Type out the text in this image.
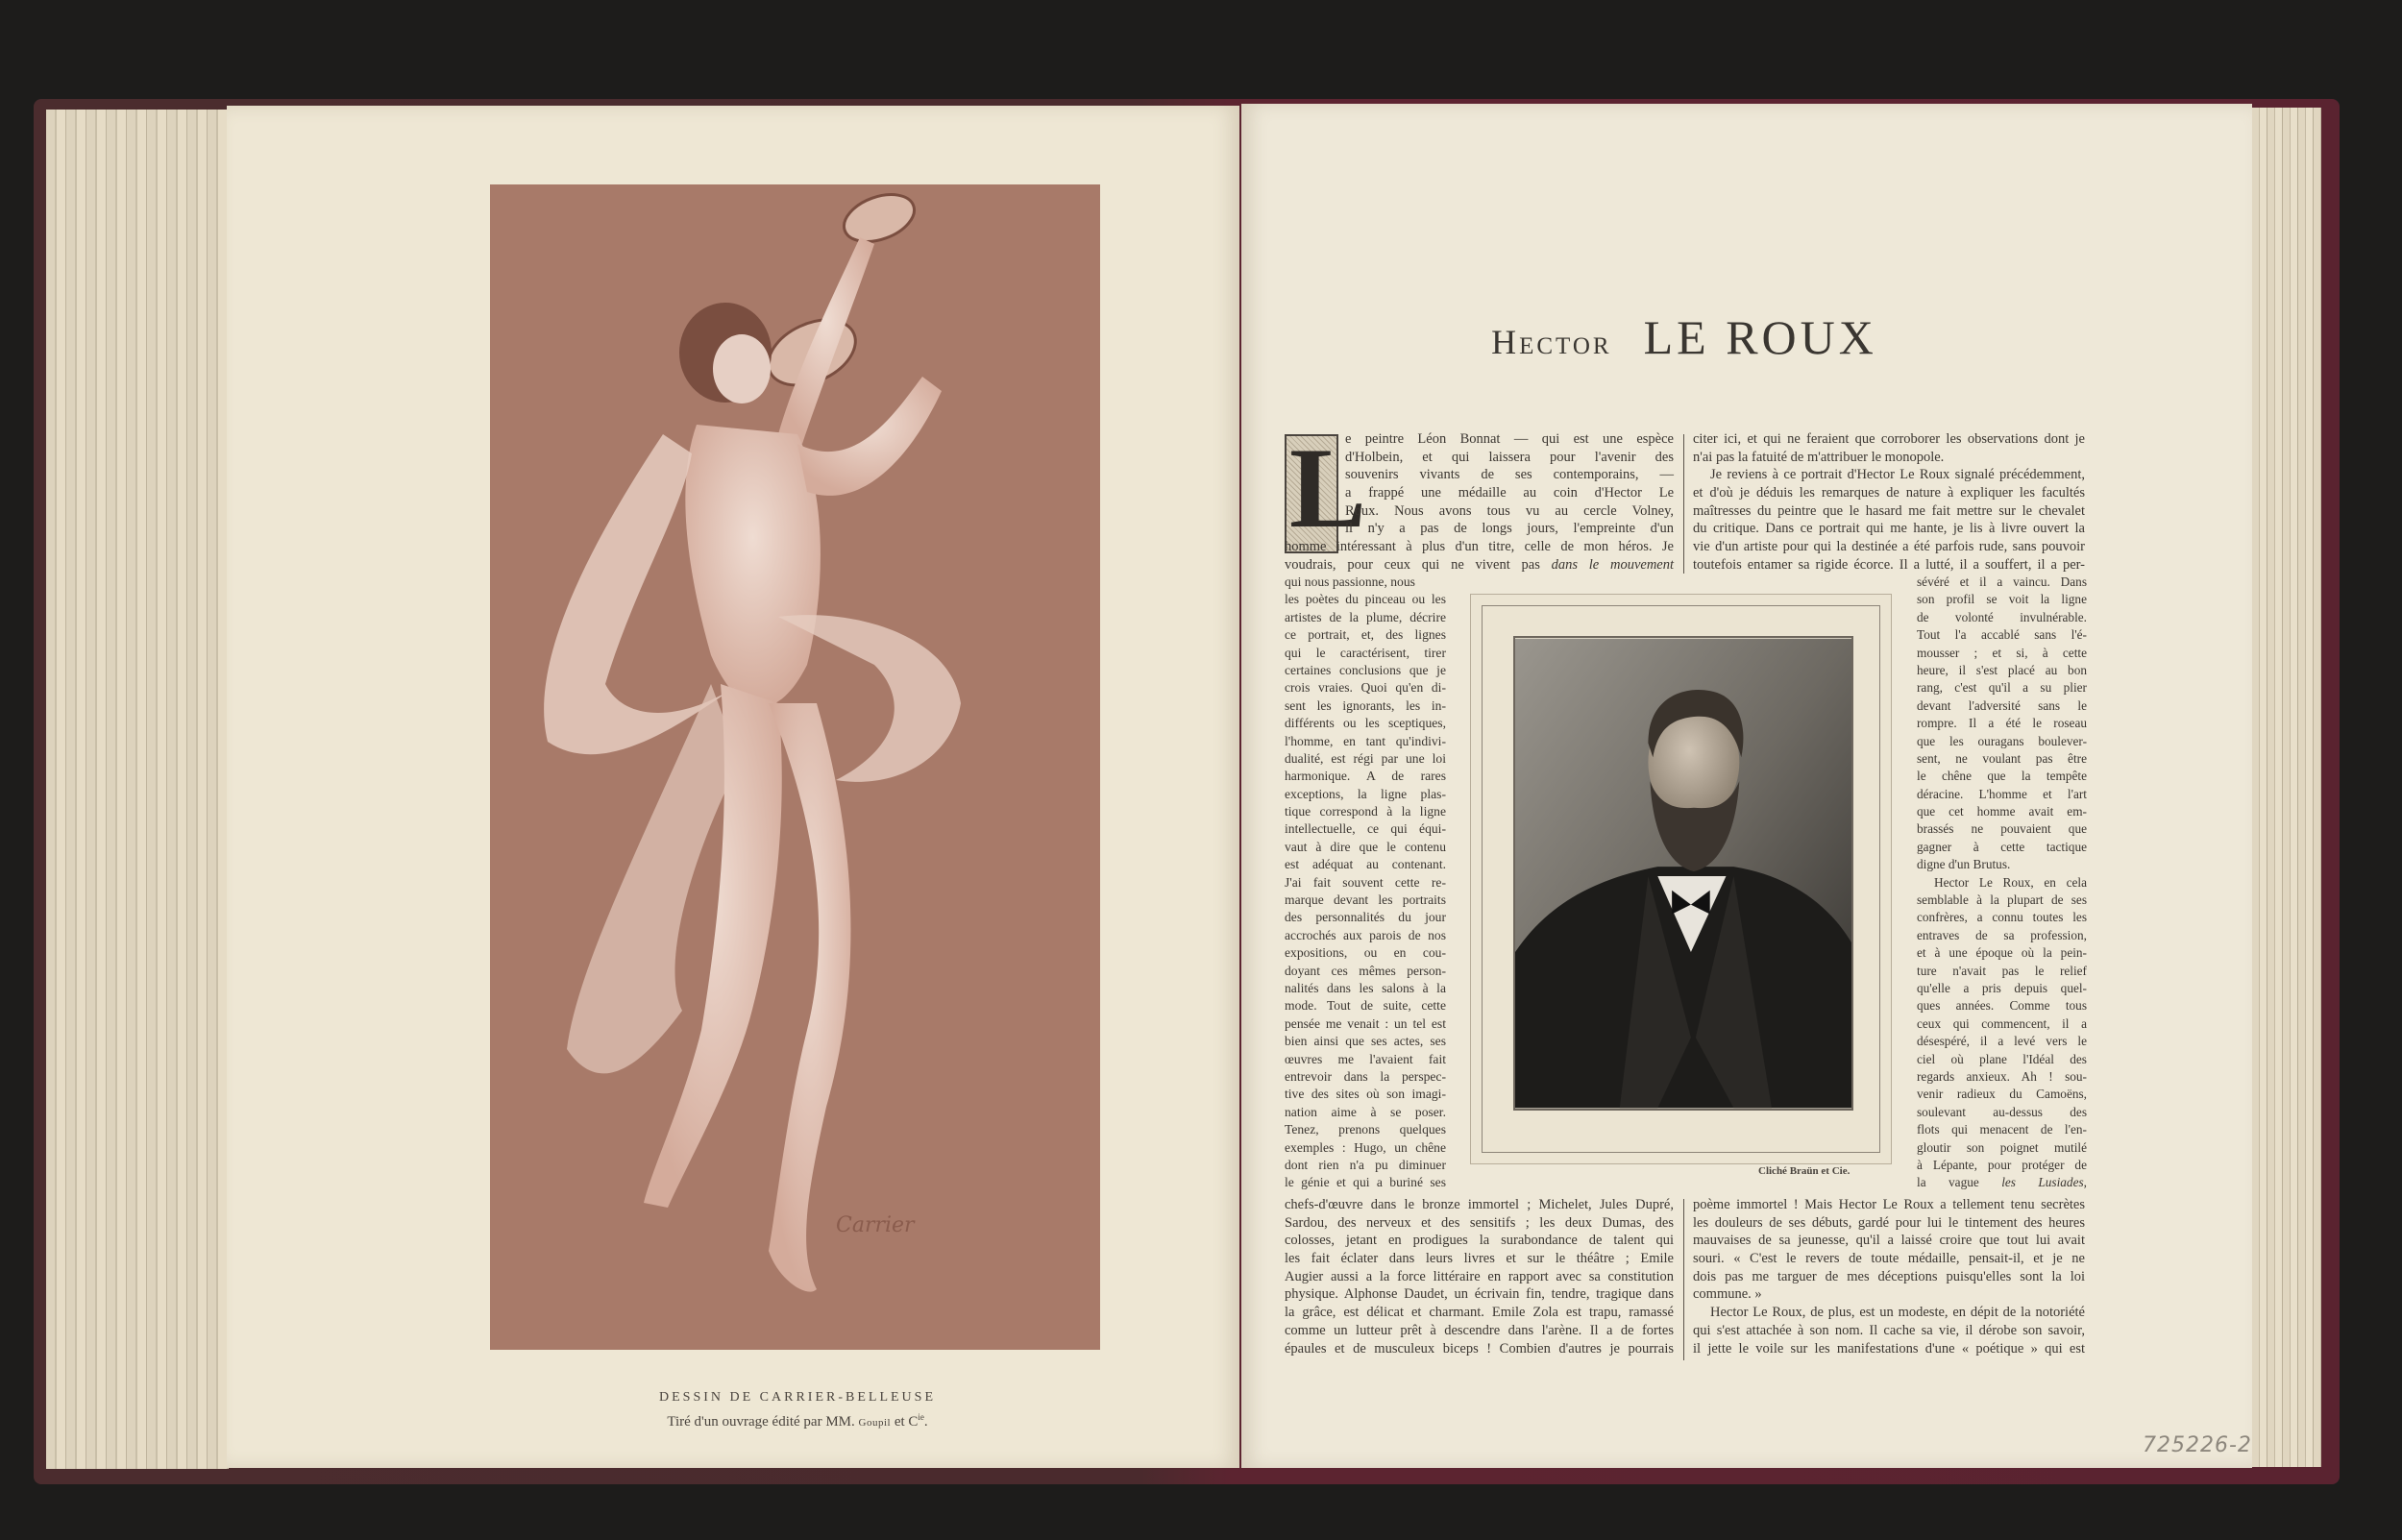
Carrier
DESSIN DE CARRIER-BELLEUSE
Tiré d'un ouvrage édité par MM. Goupil et $C^{ie}$.
Hector LE ROUX
L
e peintre Léon Bonnat — qui est une espèce
d'Holbein, et qui laissera pour l'avenir des
souvenirs vivants de ses contemporains, —
a frappé une médaille au coin d'Hector Le
Roux. Nous avons tous vu au cercle Volney,
il n'y a pas de longs jours, l'empreinte d'un
homme intéressant à plus d'un titre, celle de mon héros. Je
voudrais, pour ceux qui ne vivent pas dans le mouvement
qui nous passionne, nous
les poètes du pinceau ou les
artistes de la plume, décrire
ce portrait, et, des lignes
qui le caractérisent, tirer
certaines conclusions que je
crois vraies. Quoi qu'en di-
sent les ignorants, les in-
différents ou les sceptiques,
l'homme, en tant qu'indivi-
dualité, est régi par une loi
harmonique. A de rares
exceptions, la ligne plas-
tique correspond à la ligne
intellectuelle, ce qui équi-
vaut à dire que le contenu
est adéquat au contenant.
J'ai fait souvent cette re-
marque devant les portraits
des personnalités du jour
accrochés aux parois de nos
expositions, ou en cou-
doyant ces mêmes person-
nalités dans les salons à la
mode. Tout de suite, cette
pensée me venait : un tel est
bien ainsi que ses actes, ses
œuvres me l'avaient fait
entrevoir dans la perspec-
tive des sites où son imagi-
nation aime à se poser.
Tenez, prenons quelques
exemples : Hugo, un chêne
dont rien n'a pu diminuer
le génie et qui a buriné ses
chefs-d'œuvre dans le bronze immortel ; Michelet, Jules Dupré,
Sardou, des nerveux et des sensitifs ; les deux Dumas, des
colosses, jetant en prodigues la surabondance de talent qui
les fait éclater dans leurs livres et sur le théâtre ; Emile
Augier aussi a la force littéraire en rapport avec sa constitution
physique. Alphonse Daudet, un écrivain fin, tendre, tragique dans
la grâce, est délicat et charmant. Emile Zola est trapu, ramassé
comme un lutteur prêt à descendre dans l'arène. Il a de fortes
épaules et de musculeux biceps ! Combien d'autres je pourrais
citer ici, et qui ne feraient que corroborer les observations dont je
n'ai pas la fatuité de m'attribuer le monopole.
Je reviens à ce portrait d'Hector Le Roux signalé précédemment,
et d'où je déduis les remarques de nature à expliquer les facultés
maîtresses du peintre que le hasard me fait mettre sur le chevalet
du critique. Dans ce portrait qui me hante, je lis à livre ouvert la
vie d'un artiste pour qui la destinée a été parfois rude, sans pouvoir
toutefois entamer sa rigide écorce. Il a lutté, il a souffert, il a per-
sévéré et il a vaincu. Dans
son profil se voit la ligne
de volonté invulnérable.
Tout l'a accablé sans l'é-
mousser ; et si, à cette
heure, il s'est placé au bon
rang, c'est qu'il a su plier
devant l'adversité sans le
rompre. Il a été le roseau
que les ouragans boulever-
sent, ne voulant pas être
le chêne que la tempête
déracine. L'homme et l'art
que cet homme avait em-
brassés ne pouvaient que
gagner à cette tactique
digne d'un Brutus.
Hector Le Roux, en cela
semblable à la plupart de ses
confrères, a connu toutes les
entraves de sa profession,
et à une époque où la pein-
ture n'avait pas le relief
qu'elle a pris depuis quel-
ques années. Comme tous
ceux qui commencent, il a
désespéré, il a levé vers le
ciel où plane l'Idéal des
regards anxieux. Ah ! sou-
venir radieux du Camoëns,
soulevant au-dessus des
flots qui menacent de l'en-
gloutir son poignet mutilé
à Lépante, pour protéger de
la vague les Lusiades,
poème immortel ! Mais Hector Le Roux a tellement tenu secrètes
les douleurs de ses débuts, gardé pour lui le tintement des heures
mauvaises de sa jeunesse, qu'il a laissé croire que tout lui avait
souri. « C'est le revers de toute médaille, pensait-il, et je ne
dois pas me targuer de mes déceptions puisqu'elles sont la loi
commune. »
Hector Le Roux, de plus, est un modeste, en dépit de la notoriété
qui s'est attachée à son nom. Il cache sa vie, il dérobe son savoir,
il jette le voile sur les manifestations d'une « poétique » qui est
Cliché Braün et Cie.
725226-2
